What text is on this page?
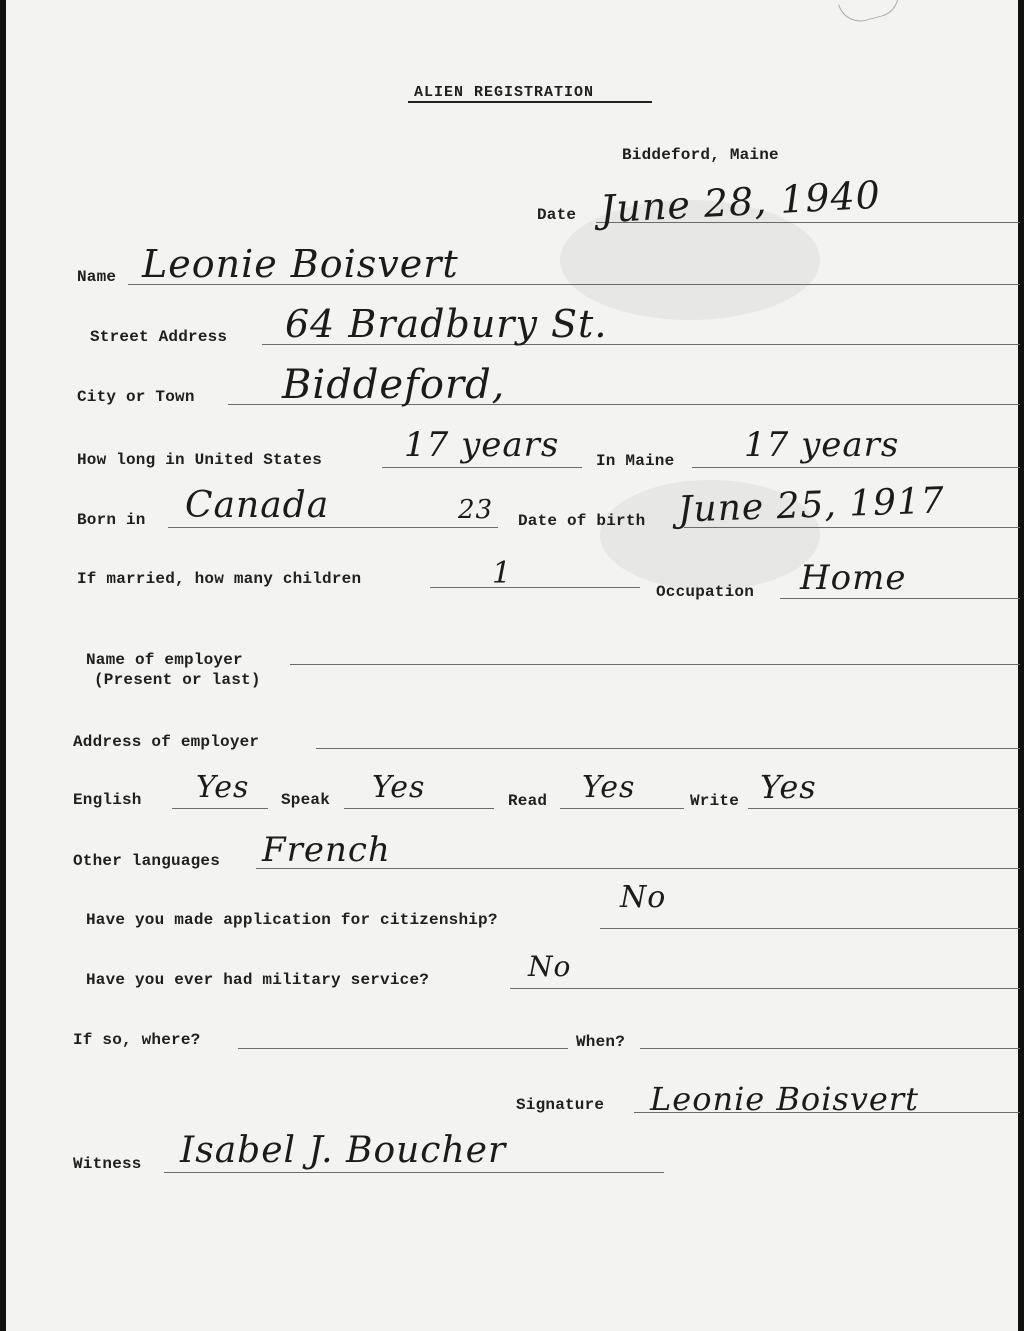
ALIEN REGISTRATION
Biddeford, Maine
Date June 28, 1940
Name Leonie Boisvert
Street Address 64 Bradbury St.
City or Town Biddeford,
How long in United States 17 years In Maine 17 years
Born in Canada	23 Date of birth June 25, 1917
If married, how many children	1
Occupation Home
Name of employer
(Present or last)
Address of employer
English Yes Speak Yes	Read Yes	Write Yes
Other languages French
Have you made application for citizenship?
No
Have you ever had military service?	No
If so, where?	When?
Signature Leonie Boisvert
Witness Isabel J. Boucher
